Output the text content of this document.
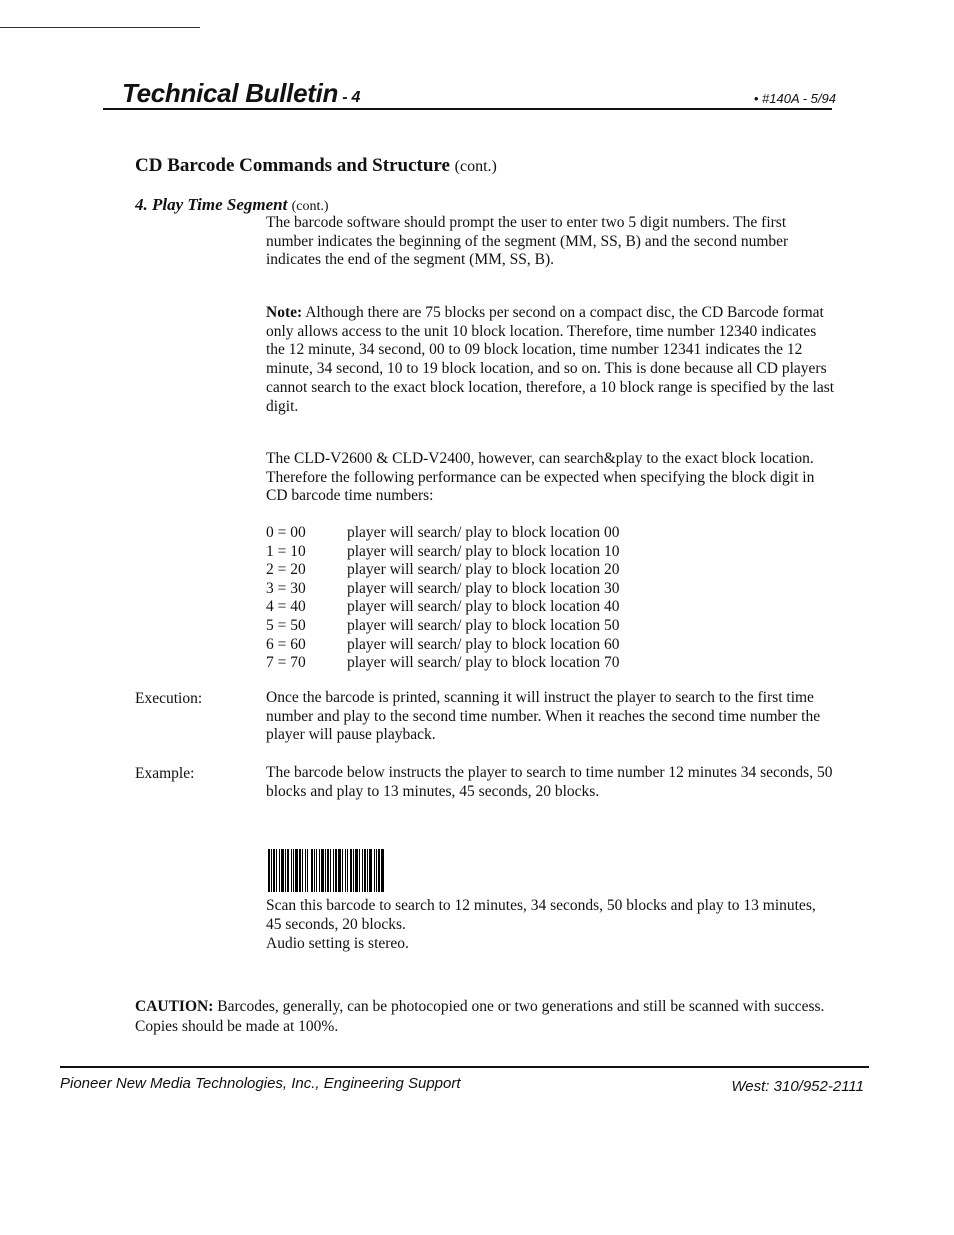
Technical Bulletin - 4	• #140A - 5/94
CD Barcode Commands and Structure (cont.)
4. Play Time Segment (cont.)
The barcode software should prompt the user to enter two 5 digit numbers. The first number indicates the beginning of the segment (MM, SS, B) and the second number indicates the end of the segment (MM, SS, B).
Note: Although there are 75 blocks per second on a compact disc, the CD Barcode format only allows access to the unit 10 block location. Therefore, time number 12340 indicates the 12 minute, 34 second, 00 to 09 block location, time number 12341 indicates the 12 minute, 34 second, 10 to 19 block location, and so on. This is done because all CD players cannot search to the exact block location, therefore, a 10 block range is specified by the last digit.
The CLD-V2600 & CLD-V2400, however, can search&play to the exact block location. Therefore the following performance can be expected when specifying the block digit in CD barcode time numbers:
0 = 00	player will search/ play to block location 00
1 = 10	player will search/ play to block location 10
2 = 20	player will search/ play to block location 20
3 = 30	player will search/ play to block location 30
4 = 40	player will search/ play to block location 40
5 = 50	player will search/ play to block location 50
6 = 60	player will search/ play to block location 60
7 = 70	player will search/ play to block location 70
Execution:	Once the barcode is printed, scanning it will instruct the player to search to the first time number and play to the second time number. When it reaches the second time number the player will pause playback.
Example:	The barcode below instructs the player to search to time number 12 minutes 34 seconds, 50 blocks and play to 13 minutes, 45 seconds, 20 blocks.
Scan this barcode to search to 12 minutes, 34 seconds, 50 blocks and play to 13 minutes, 45 seconds, 20 blocks.
Audio setting is stereo.
CAUTION: Barcodes, generally, can be photocopied one or two generations and still be scanned with success. Copies should be made at 100%.
Pioneer New Media Technologies, Inc., Engineering Support	West: 310/952-2111
